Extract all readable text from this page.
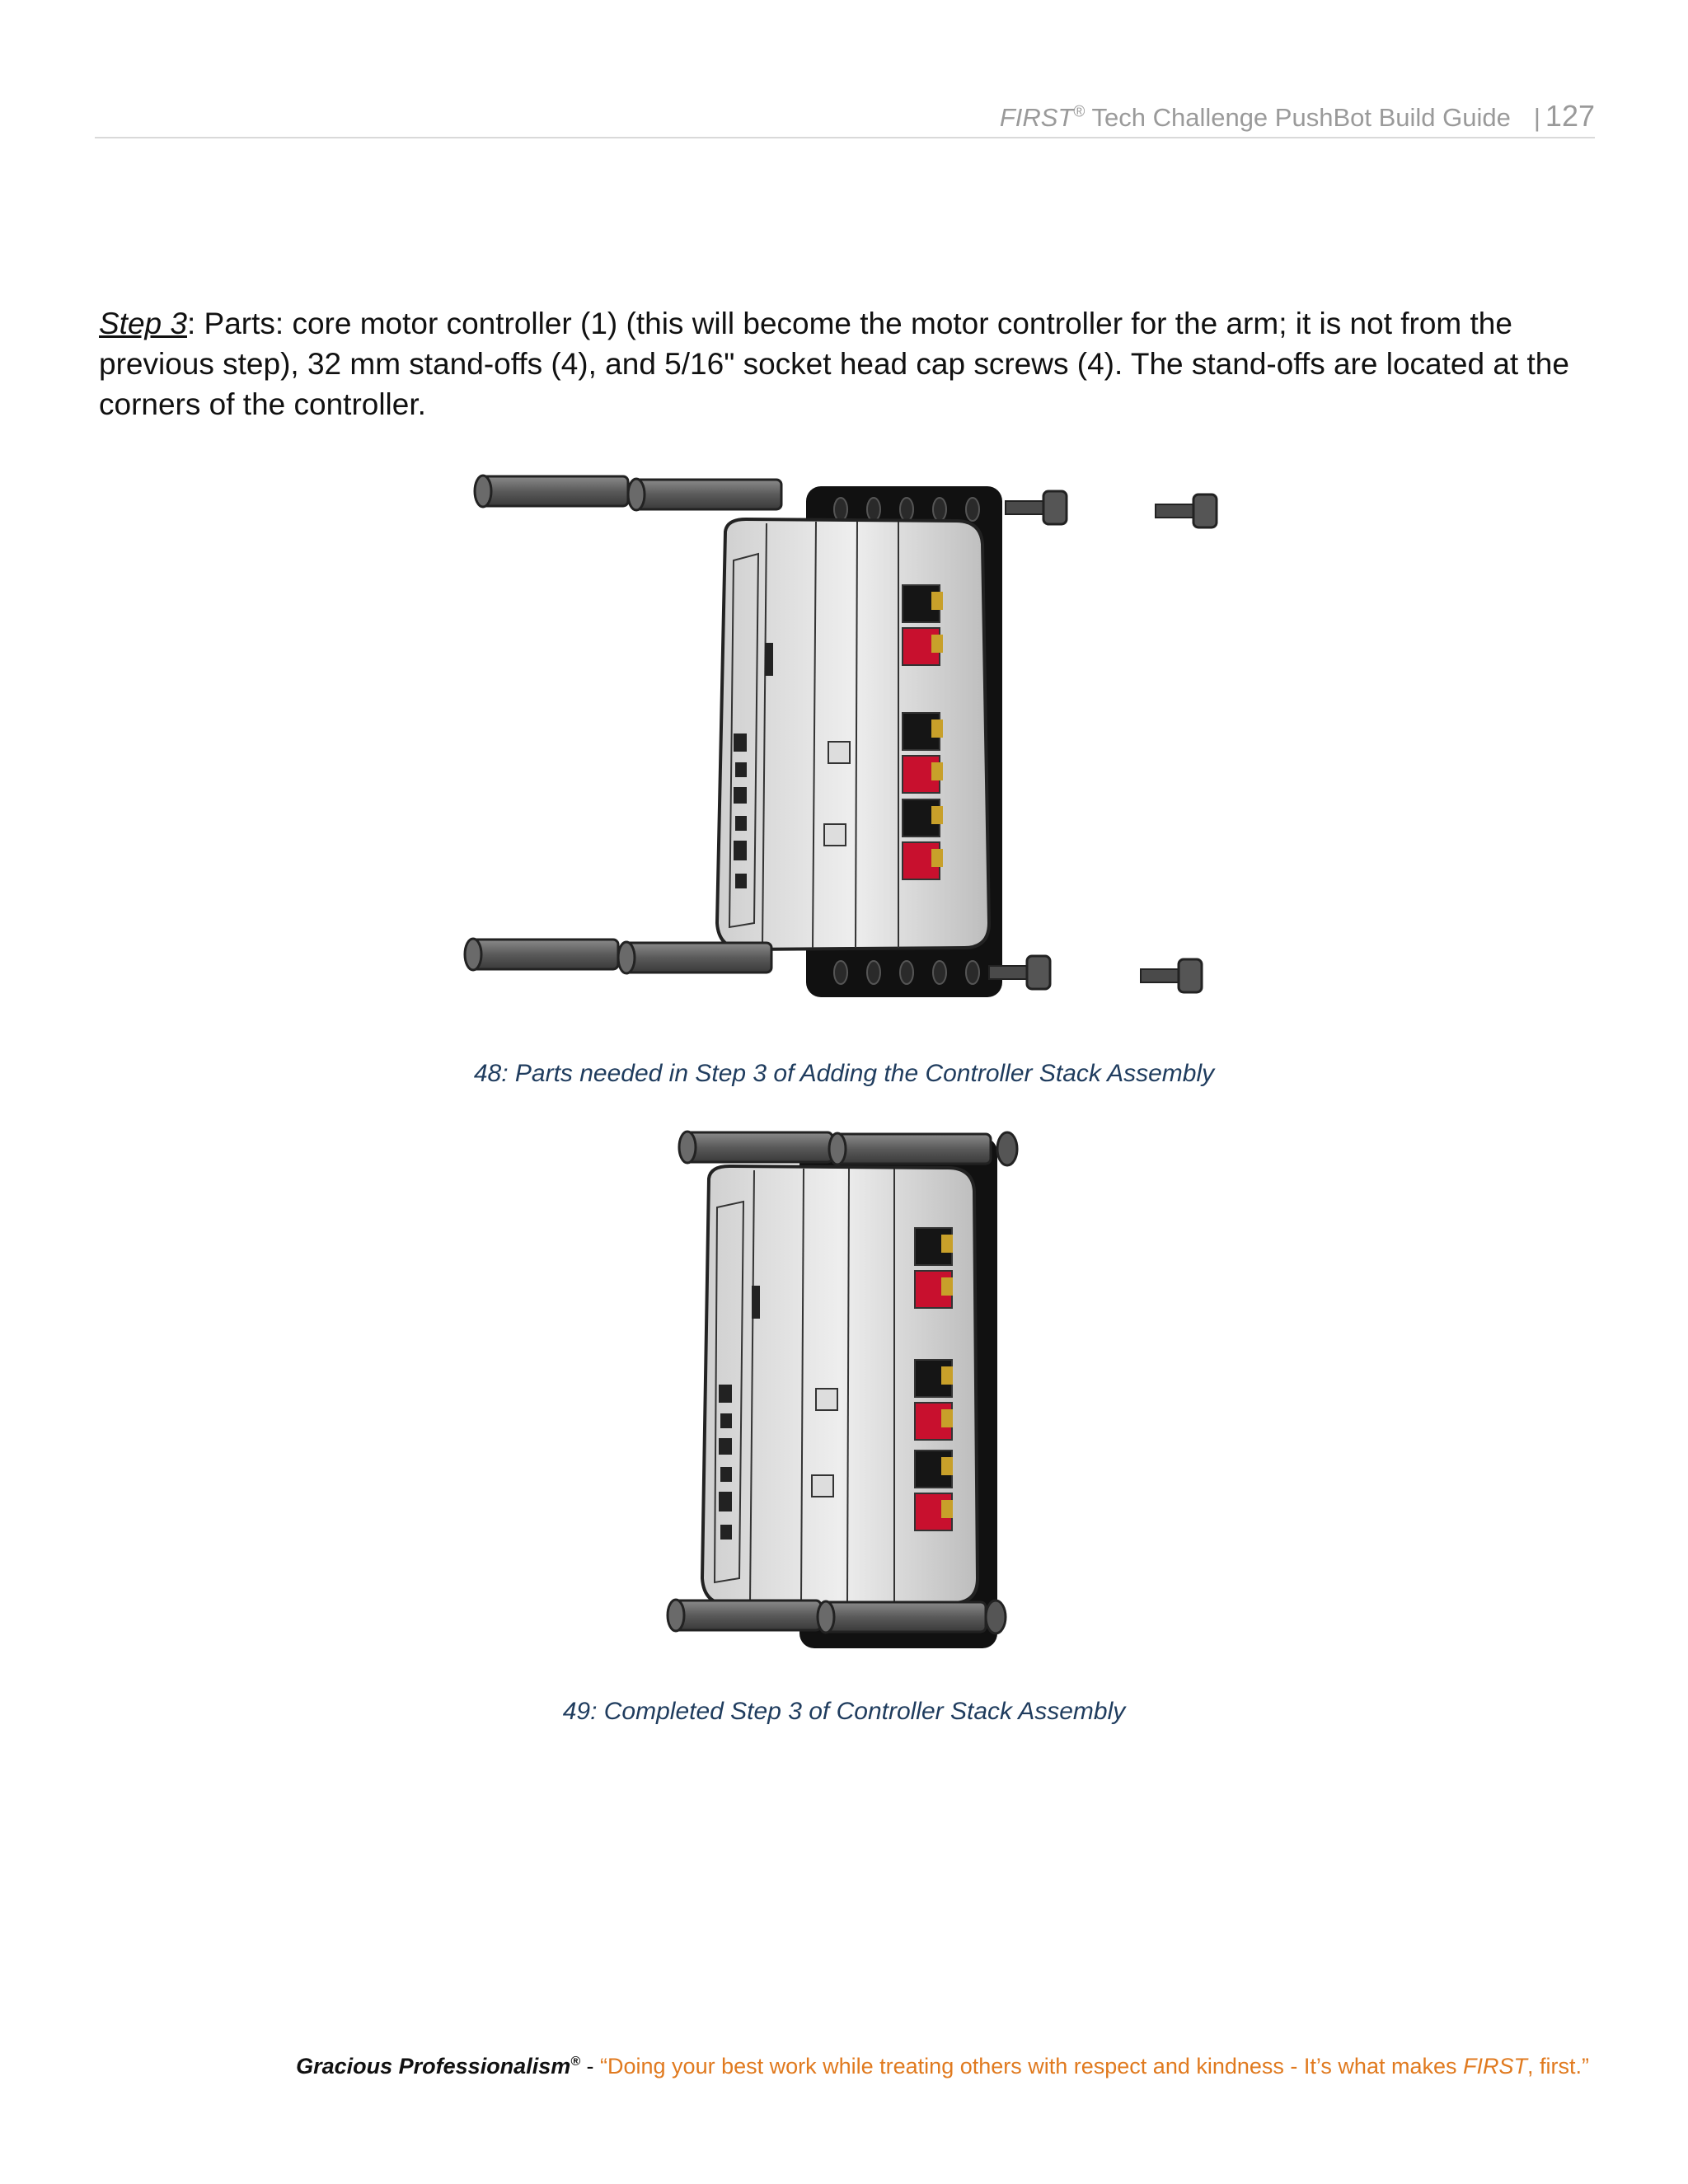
FIRST® Tech Challenge PushBot Build Guide | 127
Step 3: Parts: core motor controller (1) (this will become the motor controller for the arm; it is not from the previous step), 32 mm stand-offs (4), and 5/16" socket head cap screws (4). The stand-offs are located at the corners of the controller.
48: Parts needed in Step 3 of Adding the Controller Stack Assembly
49: Completed Step 3 of Controller Stack Assembly
Gracious Professionalism® - “Doing your best work while treating others with respect and kindness - It’s what makes FIRST, first.”
